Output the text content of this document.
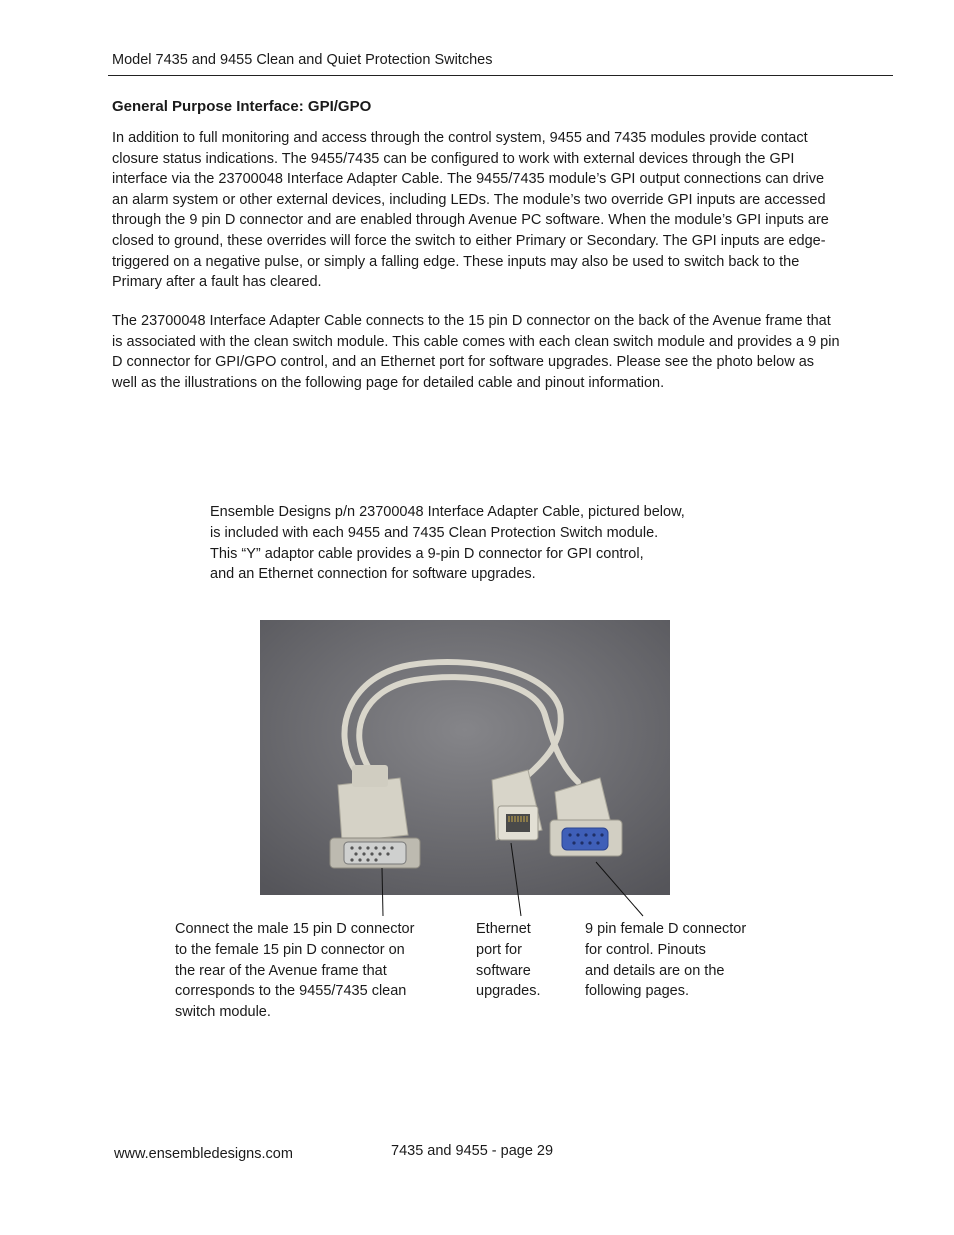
Model 7435 and 9455 Clean and Quiet Protection Switches
General Purpose Interface: GPI/GPO

In addition to full monitoring and access through the control system, 9455 and 7435 modules provide contact closure status indications. The 9455/7435 can be configured to work with external devices through the GPI interface via the 23700048 Interface Adapter Cable. The 9455/7435 module’s GPI output connections can drive an alarm system or other external devices, including LEDs. The module’s two override GPI inputs are accessed through the 9 pin D connector and are enabled through Avenue PC software. When the module’s GPI inputs are closed to ground, these overrides will force the switch to either Primary or Secondary. The GPI inputs are edge-triggered on a negative pulse, or simply a falling edge. These inputs may also be used to switch back to the Primary after a fault has cleared.

The 23700048 Interface Adapter Cable connects to the 15 pin D connector on the back of the Avenue frame that is associated with the clean switch module. This cable comes with each clean switch module and provides a 9 pin D connector for GPI/GPO control, and an Ethernet port for software upgrades. Please see the photo below as well as the illustrations on the following page for detailed cable and pinout information.

Ensemble Designs p/n 23700048 Interface Adapter Cable, pictured below,
is included with each 9455 and 7435 Clean Protection Switch module.
This “Y” adaptor cable provides a 9-pin D connector for GPI control,
and an Ethernet connection for software upgrades.
Connect the male 15 pin D connector
to the female 15 pin D connector on
the rear of the Avenue frame that
corresponds to the 9455/7435 clean
switch module.
Ethernet
port for
software
upgrades.
9 pin female D connector
for control. Pinouts
and details are on the
following pages.
www.ensembledesigns.com	7435 and 9455 - page 29
